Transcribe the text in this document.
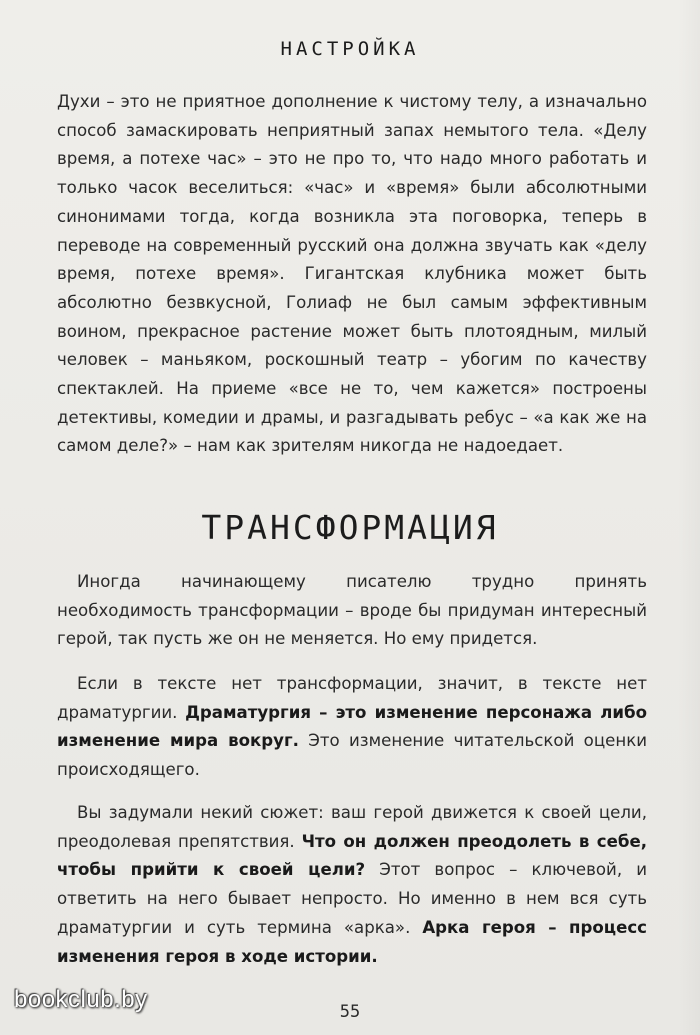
НАСТРОЙКА

Духи – это не приятное дополнение к чистому телу, а изначально способ замаскировать неприятный запах немытого тела. «Делу время, а потехе час» – это не про то, что надо много работать и только часок веселиться: «час» и «время» были абсолютными синонимами тогда, когда возникла эта поговорка, теперь в переводе на современный русский она должна звучать как «делу время, потехе время». Гигантская клубника может быть абсолютно безвкусной, Голиаф не был самым эффективным воином, прекрасное растение может быть плотоядным, милый человек – маньяком, роскошный театр – убогим по качеству спектаклей. На приеме «все не то, чем кажется» построены детективы, комедии и драмы, и разгадывать ребус – «а как же на самом деле?» – нам как зрителям никогда не надоедает.

ТРАНСФОРМАЦИЯ

Иногда начинающему писателю трудно принять необходимость трансформации – вроде бы придуман интересный герой, так пусть же он не меняется. Но ему придется.

Если в тексте нет трансформации, значит, в тексте нет драматургии. Драматургия – это изменение персонажа либо изменение мира вокруг. Это изменение читательской оценки происходящего.

Вы задумали некий сюжет: ваш герой движется к своей цели, преодолевая препятствия. Что он должен преодолеть в себе, чтобы прийти к своей цели? Этот вопрос – ключевой, и ответить на него бывает непросто. Но именно в нем вся суть драматургии и суть термина «арка». Арка героя – процесс изменения героя в ходе истории.

55
bookclub.by
